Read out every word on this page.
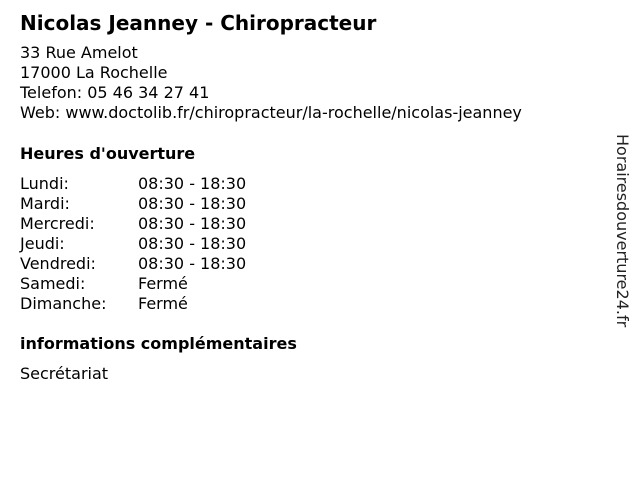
Nicolas Jeanney - Chiropracteur
33 Rue Amelot
17000 La Rochelle
Telefon: 05 46 34 27 41
Web: www.doctolib.fr/chiropracteur/la-rochelle/nicolas-jeanney
Heures d'ouverture
Lundi:	08:30 - 18:30
Mardi:	08:30 - 18:30
Mercredi:	08:30 - 18:30
Jeudi:	08:30 - 18:30
Vendredi:	08:30 - 18:30
Samedi:	Fermé
Dimanche: Fermé
informations complémentaires
Secrétariat
Horairesdouverture24.fr
